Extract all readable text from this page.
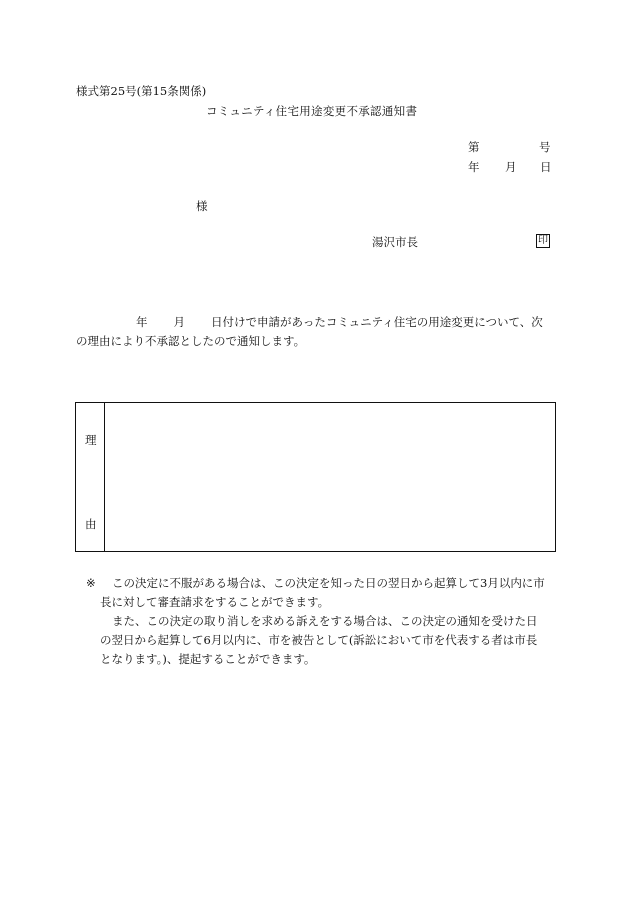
様式第25号(第15条関係)
コミュニティ住宅用途変更不承認通知書
第	号
年 月 日
様
湯沢市長	印
年 月 日付けで申請があったコミュニティ住宅の用途変更について、次
の理由により不承認としたので通知します。
理
由
※ この決定に不服がある場合は、この決定を知った日の翌日から起算して3月以内に市
長に対して審査請求をすることができます。
また、この決定の取り消しを求める訴えをする場合は、この決定の通知を受けた日
の翌日から起算して6月以内に、市を被告として(訴訟において市を代表する者は市長
となります。)、提起することができます。
